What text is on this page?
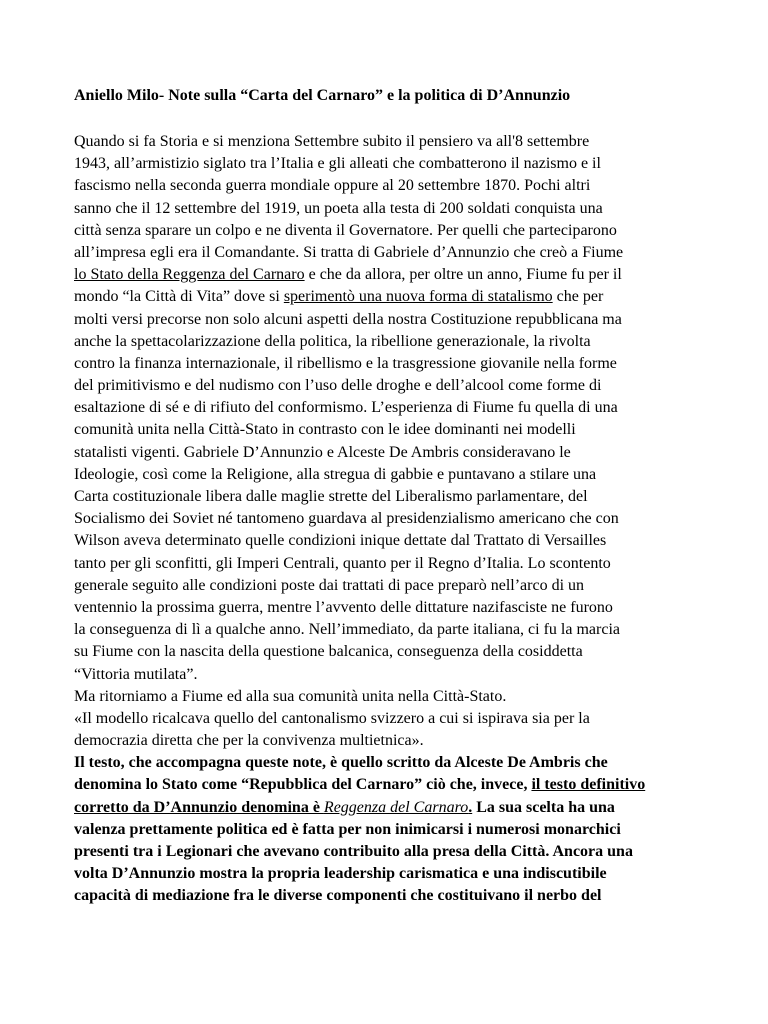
Aniello Milo- Note sulla “Carta del Carnaro” e la politica di D’Annunzio
Quando si fa Storia e si menziona Settembre subito il pensiero va all'8 settembre
1943, all’armistizio siglato tra l’Italia e gli alleati che combatterono il nazismo e il
fascismo nella seconda guerra mondiale oppure al 20 settembre 1870. Pochi altri
sanno che il 12 settembre del 1919, un poeta alla testa di 200 soldati conquista una
città senza sparare un colpo e ne diventa il Governatore. Per quelli che parteciparono
all’impresa egli era il Comandante. Si tratta di Gabriele d’Annunzio che creò a Fiume
lo Stato della Reggenza del Carnaro e che da allora, per oltre un anno, Fiume fu per il
mondo “la Città di Vita” dove si sperimentò una nuova forma di statalismo che per
molti versi precorse non solo alcuni aspetti della nostra Costituzione repubblicana ma
anche la spettacolarizzazione della politica, la ribellione generazionale, la rivolta
contro la finanza internazionale, il ribellismo e la trasgressione giovanile nella forme
del primitivismo e del nudismo con l’uso delle droghe e dell’alcool come forme di
esaltazione di sé e di rifiuto del conformismo. L’esperienza di Fiume fu quella di una
comunità unita nella Città-Stato in contrasto con le idee dominanti nei modelli
statalisti vigenti. Gabriele D’Annunzio e Alceste De Ambris consideravano le
Ideologie, così come la Religione, alla stregua di gabbie e puntavano a stilare una
Carta costituzionale libera dalle maglie strette del Liberalismo parlamentare, del
Socialismo dei Soviet né tantomeno guardava al presidenzialismo americano che con
Wilson aveva determinato quelle condizioni inique dettate dal Trattato di Versailles
tanto per gli sconfitti, gli Imperi Centrali, quanto per il Regno d’Italia. Lo scontento
generale seguito alle condizioni poste dai trattati di pace preparò nell’arco di un
ventennio la prossima guerra, mentre l’avvento delle dittature nazifasciste ne furono
la conseguenza di lì a qualche anno. Nell’immediato, da parte italiana, ci fu la marcia
su Fiume con la nascita della questione balcanica, conseguenza della cosiddetta
“Vittoria mutilata”.
Ma ritorniamo a Fiume ed alla sua comunità unita nella Città-Stato.
«Il modello ricalcava quello del cantonalismo svizzero a cui si ispirava sia per la
democrazia diretta che per la convivenza multietnica».
Il testo, che accompagna queste note, è quello scritto da Alceste De Ambris che
denomina lo Stato come “Repubblica del Carnaro” ciò che, invece, il testo definitivo
corretto da D’Annunzio denomina è Reggenza del Carnaro. La sua scelta ha una
valenza prettamente politica ed è fatta per non inimicarsi i numerosi monarchici
presenti tra i Legionari che avevano contribuito alla presa della Città. Ancora una
volta D’Annunzio mostra la propria leadership carismatica e una indiscutibile
capacità di mediazione fra le diverse componenti che costituivano il nerbo del
